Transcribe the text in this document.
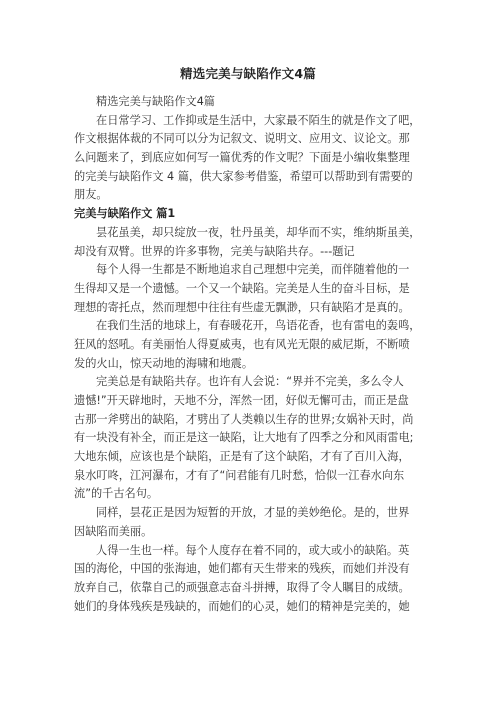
精选完美与缺陷作文4篇
精选完美与缺陷作文4篇
在日常学习、工作抑或是生活中，大家最不陌生的就是作文了吧，
作文根据体裁的不同可以分为记叙文、说明文、应用文、议论文。那
么问题来了，到底应如何写一篇优秀的作文呢？下面是小编收集整理
的完美与缺陷作文 4 篇，供大家参考借鉴，希望可以帮助到有需要的
朋友。
完美与缺陷作文 篇1
昙花虽美，却只绽放一夜，牡丹虽美，却华而不实，维纳斯虽美，
却没有双臂。世界的许多事物，完美与缺陷共存。---题记
每个人得一生都是不断地追求自己理想中完美，而伴随着他的一
生得却又是一个遗憾。一个又一个缺陷。完美是人生的奋斗目标，是
理想的寄托点，然而理想中往往有些虚无飘渺，只有缺陷才是真的。
在我们生活的地球上，有春暖花开，鸟语花香，也有雷电的轰鸣，
狂风的怒吼。有美丽怡人得夏威夷，也有风光无限的威尼斯，不断喷
发的火山，惊天动地的海啸和地震。
完美总是有缺陷共存。也许有人会说：“界并不完美，多么令人
遗憾!”开天辟地时，天地不分，浑然一团，好似无懈可击，而正是盘
古那一斧劈出的缺陷，才劈出了人类赖以生存的世界;女娲补天时，尚
有一块没有补全，而正是这一缺陷，让大地有了四季之分和风雨雷电;
大地东倾，应该也是个缺陷，正是有了这个缺陷，才有了百川入海，
泉水叮咚，江河瀑布，才有了“问君能有几时愁，恰似一江春水向东
流”的千古名句。
同样，昙花正是因为短暂的开放，才显的美妙绝伦。是的，世界
因缺陷而美丽。
人得一生也一样。每个人度存在着不同的，或大或小的缺陷。英
国的海伦，中国的张海迪，她们都有天生带来的残疾，而她们并没有
放弃自己，依靠自己的顽强意志奋斗拼搏，取得了令人瞩目的成绩。
她们的身体残疾是残缺的，而她们的心灵，她们的精神是完美的，她
